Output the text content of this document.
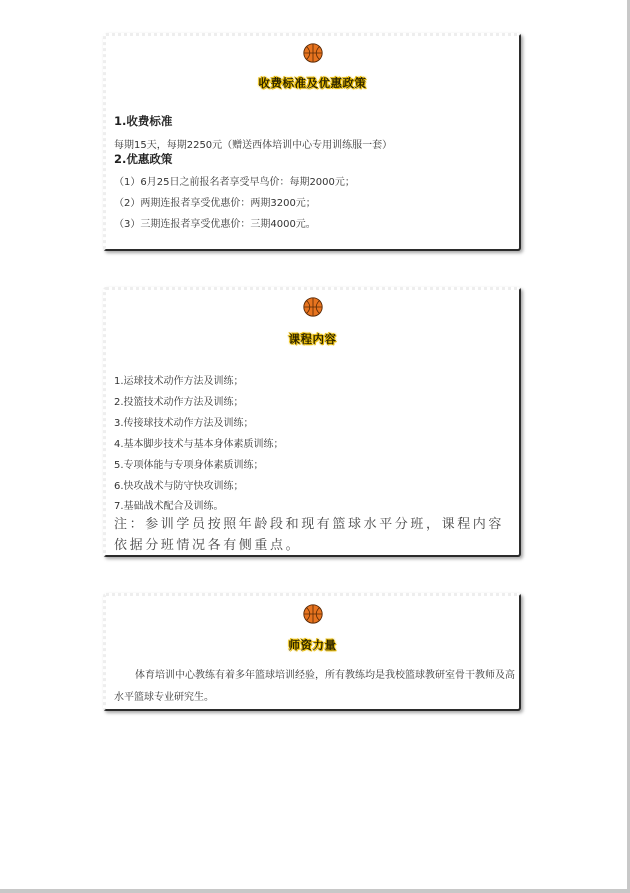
收费标准及优惠政策
1.收费标准
每期15天，每期2250元（赠送西体培训中心专用训练服一套）
2.优惠政策
（1）6月25日之前报名者享受早鸟价：每期2000元；
（2）两期连报者享受优惠价：两期3200元；
（3）三期连报者享受优惠价：三期4000元。
课程内容
1.运球技术动作方法及训练；
2.投篮技术动作方法及训练；
3.传接球技术动作方法及训练；
4.基本脚步技术与基本身体素质训练；
5.专项体能与专项身体素质训练；
6.快攻战术与防守快攻训练；
7.基础战术配合及训练。
注：参训学员按照年龄段和现有篮球水平分班，课程内容依据分班情况各有侧重点。
师资力量
体育培训中心教练有着多年篮球培训经验，所有教练均是我校篮球教研室骨干教师及高水平篮球专业研究生。
